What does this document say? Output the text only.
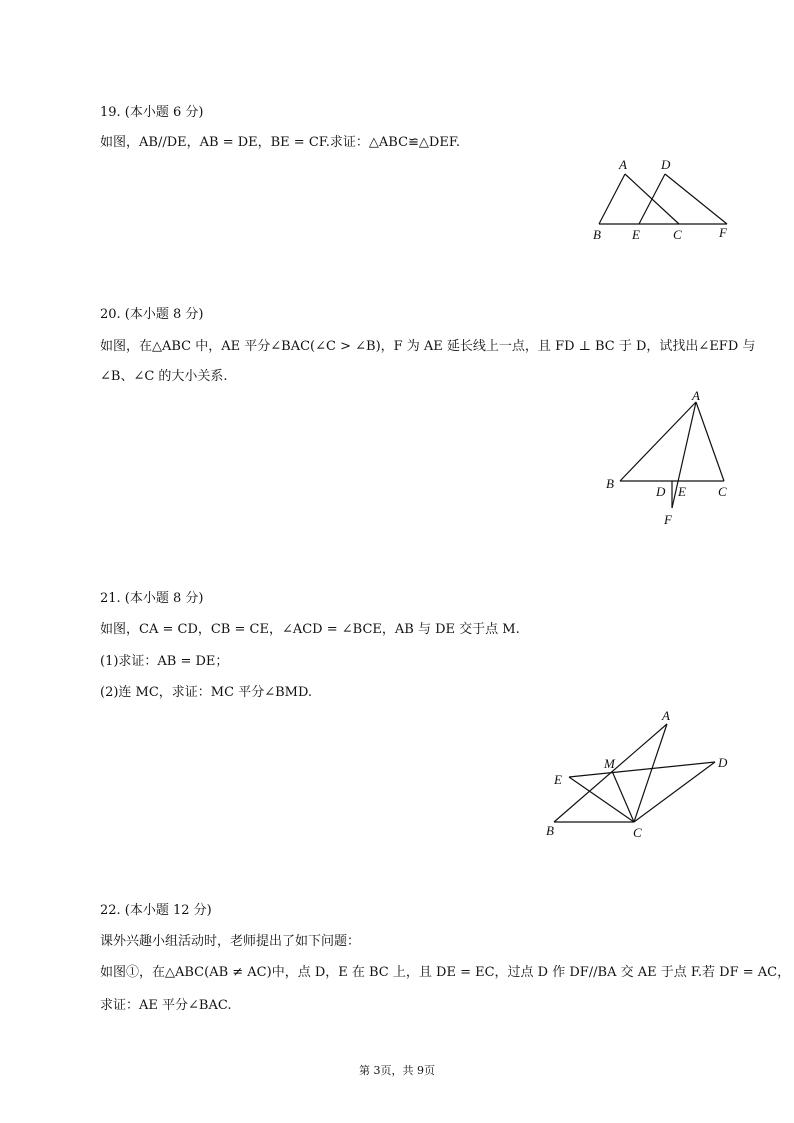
19. (本小题 6 分)
如图，AB//DE，AB = DE，BE = CF.求证：△ABC≌△DEF.
A	D
B E	C	F
20. (本小题 8 分)
如图，在△ABC 中，AE 平分∠BAC(∠C > ∠B)，F 为 AE 延长线上一点，且 FD ⊥ BC 于 D，试找出∠EFD 与
∠B、∠C 的大小关系.
A
B
D E C
F
21. (本小题 8 分)
如图，CA = CD，CB = CE，∠ACD = ∠BCE，AB 与 DE 交于点 M.
(1)求证：AB = DE；
(2)连 MC，求证：MC 平分∠BMD.
A
M	D
E
B	C
22. (本小题 12 分)
课外兴趣小组活动时，老师提出了如下问题：
如图①，在△ABC(AB ≠ AC)中，点 D，E 在 BC 上，且 DE = EC，过点 D 作 DF//BA 交 AE 于点 F.若 DF = AC，
求证：AE 平分∠BAC.
第 3页，共 9页
